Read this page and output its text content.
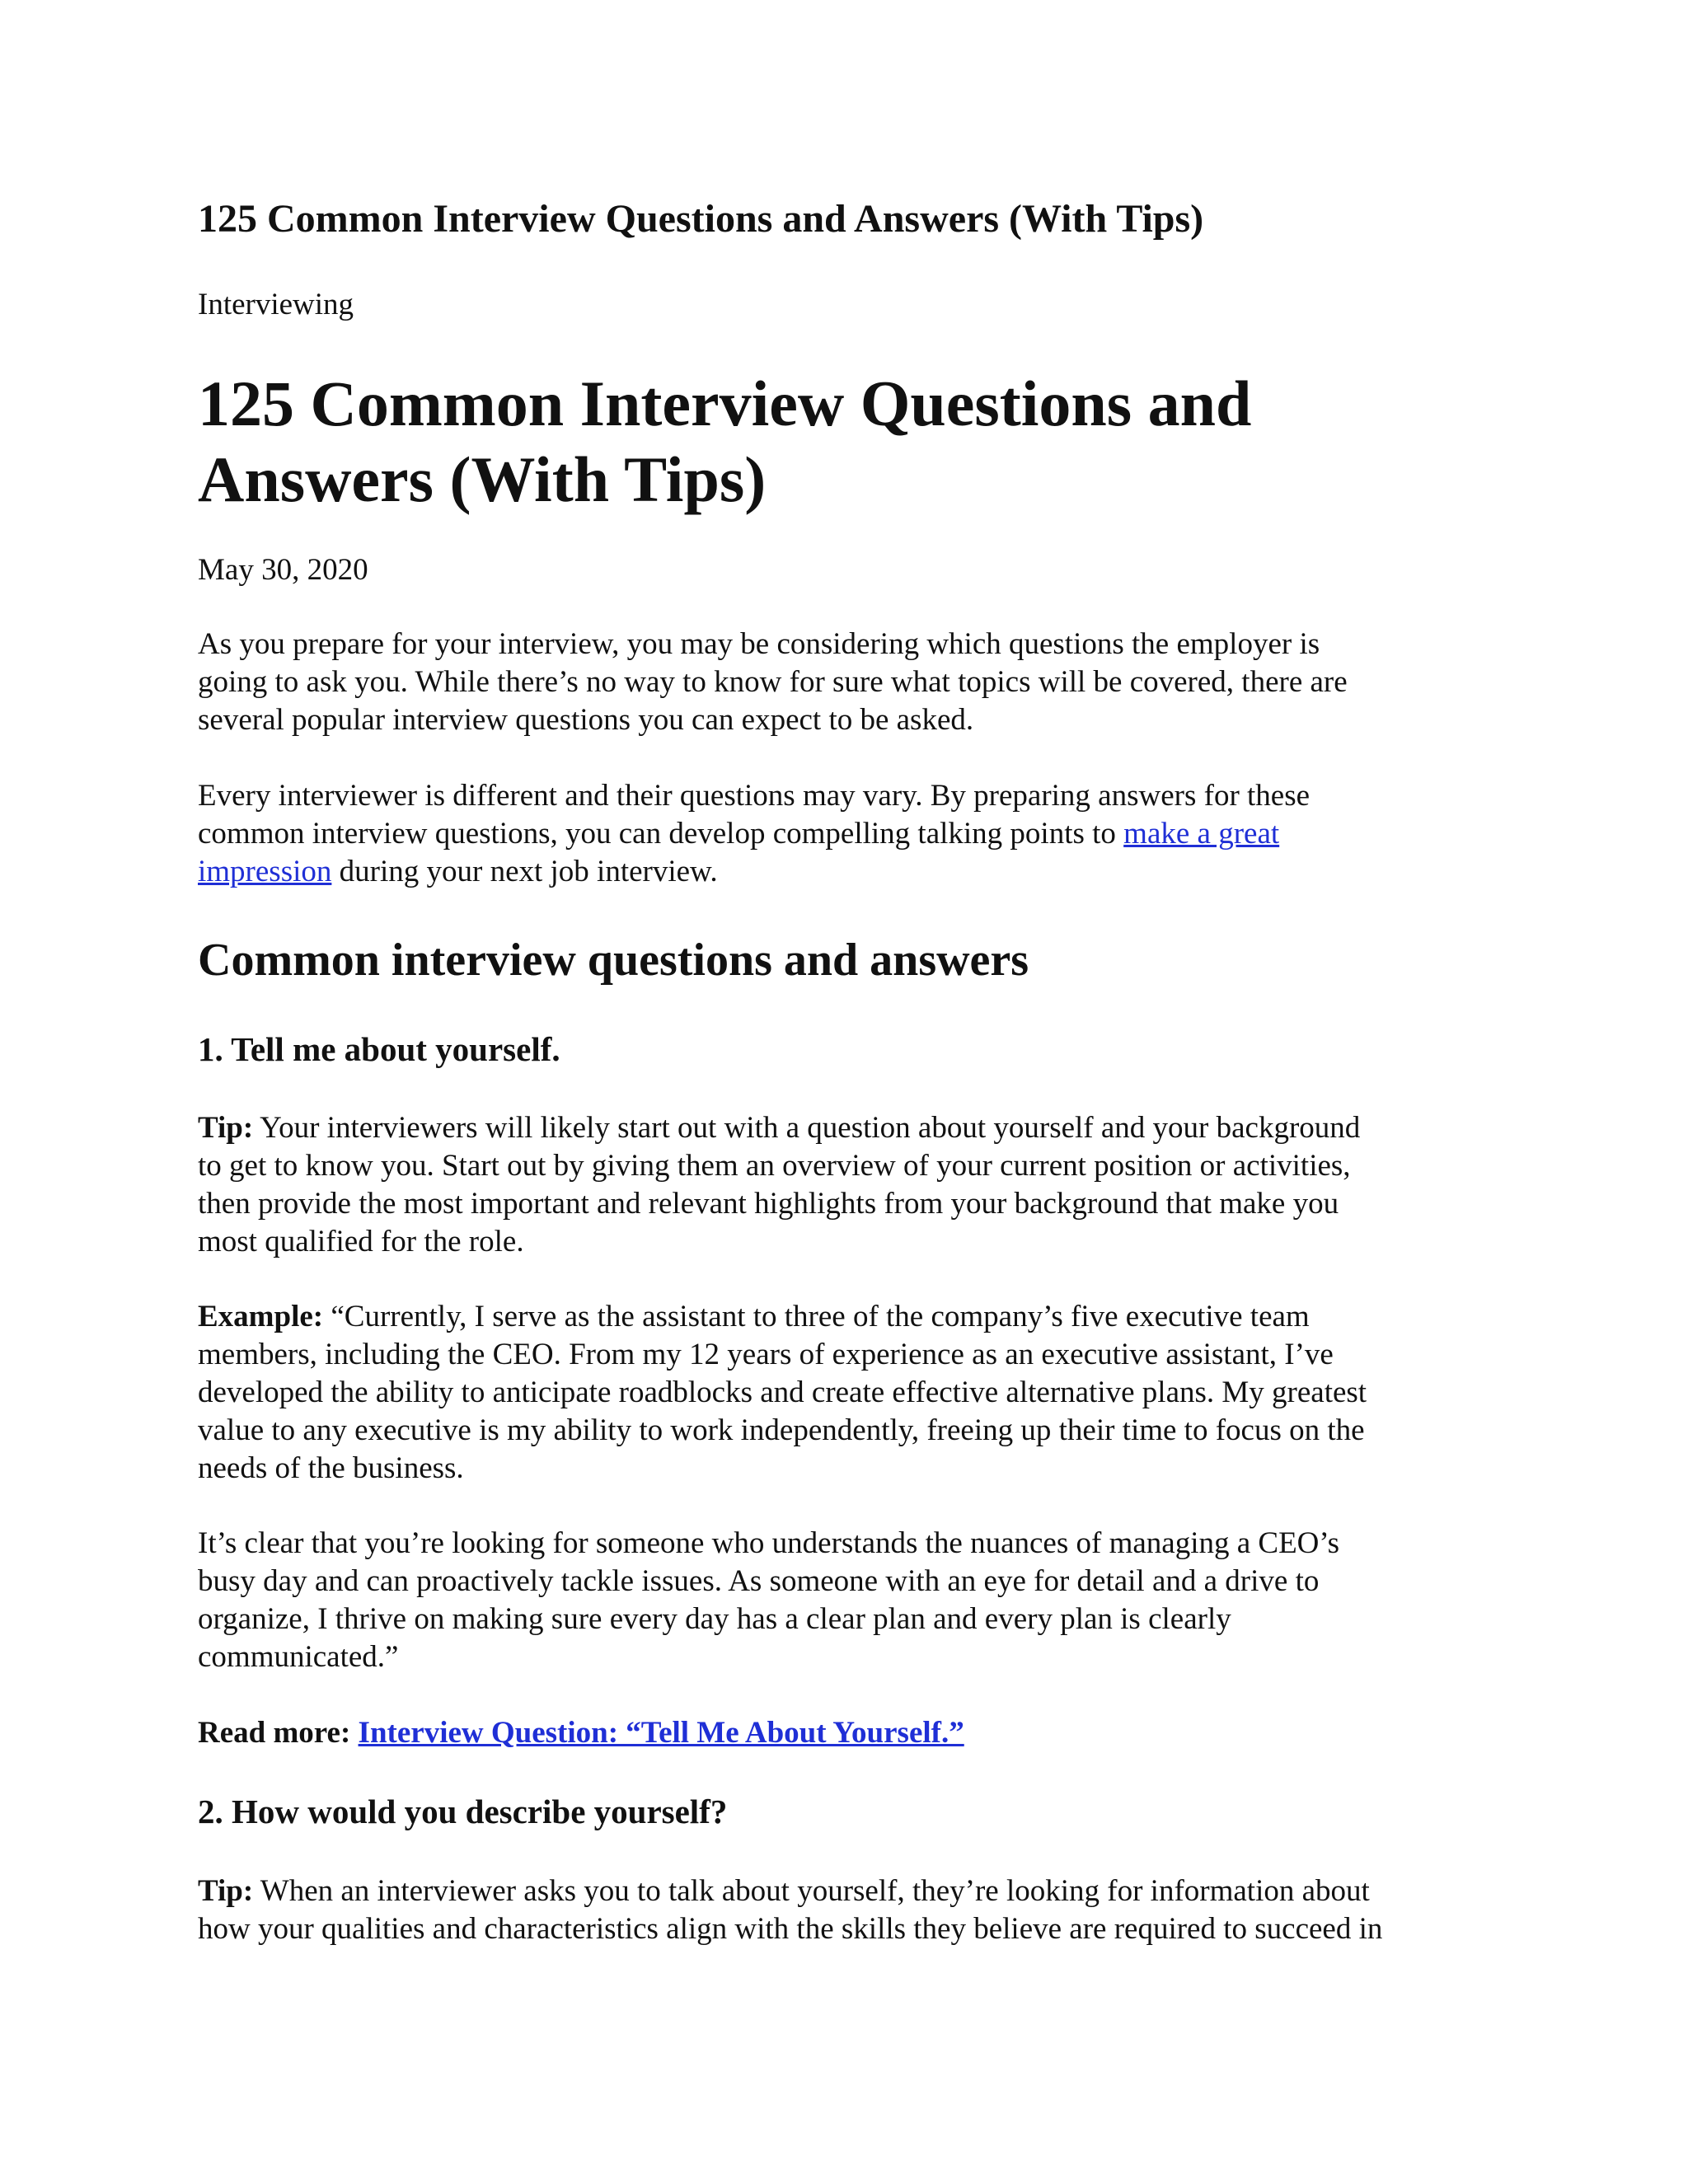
125 Common Interview Questions and Answers (With Tips)

Interviewing

125 Common Interview Questions and
Answers (With Tips)

May 30, 2020

As you prepare for your interview, you may be considering which questions the employer is
going to ask you. While there’s no way to know for sure what topics will be covered, there are
several popular interview questions you can expect to be asked.

Every interviewer is different and their questions may vary. By preparing answers for these
common interview questions, you can develop compelling talking points to make a great
impression during your next job interview.

Common interview questions and answers
1. Tell me about yourself.

Tip: Your interviewers will likely start out with a question about yourself and your background
to get to know you. Start out by giving them an overview of your current position or activities,
then provide the most important and relevant highlights from your background that make you
most qualified for the role.

Example: “Currently, I serve as the assistant to three of the company’s five executive team
members, including the CEO. From my 12 years of experience as an executive assistant, I’ve
developed the ability to anticipate roadblocks and create effective alternative plans. My greatest
value to any executive is my ability to work independently, freeing up their time to focus on the
needs of the business.

It’s clear that you’re looking for someone who understands the nuances of managing a CEO’s
busy day and can proactively tackle issues. As someone with an eye for detail and a drive to
organize, I thrive on making sure every day has a clear plan and every plan is clearly
communicated.”

Read more: Interview Question: “Tell Me About Yourself.”

2. How would you describe yourself?

Tip: When an interviewer asks you to talk about yourself, they’re looking for information about
how your qualities and characteristics align with the skills they believe are required to succeed in
